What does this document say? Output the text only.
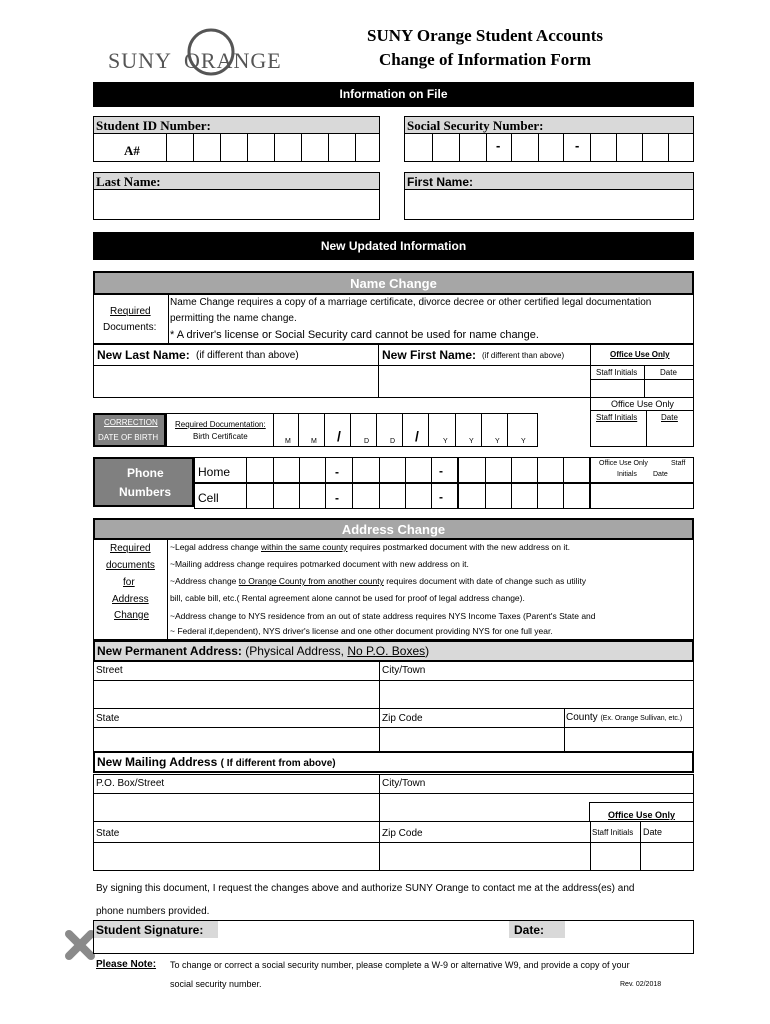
SUNY ORANGE
SUNY Orange Student Accounts
Change of Information Form
Information on File
Student ID Number:
A#
Social Security Number:
-	-
Last Name:	First Name:
New Updated Information
Name Change
Required
Documents:
Name Change requires a copy of a marriage certificate, divorce decree or other certified legal documentation
permitting the name change.
* A driver's license or Social Security card cannot be used for name change.
New Last Name: (if different than above)	New First Name: (if different than above)	Office Use Only
Staff Initials	Date
Office Use Only
Staff Initials	Date
CORRECTION
DATE OF BIRTH
Required Documentation:
Birth Certificate
M	M /	D	D /	Y	Y	Y	Y
Phone
Numbers
Home	-	-
Cell	-	-
Office Use Only	Staff
Initials Date
Address Change
Required
documents
for
Address
Change
~Legal address change within the same county requires postmarked document with the new address on it.
~Mailing address change requires potmarked document with new address on it.
~Address change to Orange County from another county requires document with date of change such as utility
bill, cable bill, etc.( Rental agreement alone cannot be used for proof of legal address change).
~Address change to NYS residence from an out of state address requires NYS Income Taxes (Parent's State and
~ Federal if,dependent), NYS driver's license and one other document providing NYS for one full year.
New Permanent Address: (Physical Address, No P.O. Boxes)
Street	City/Town
State	Zip Code	County (Ex. Orange Sullivan, etc.)
New Mailing Address ( If different from above)
P.O. Box/Street	City/Town
State	Zip Code
Office Use Only
Staff Initials Date
By signing this document, I request the changes above and authorize SUNY Orange to contact me at the address(es) and
phone numbers provided.
Student Signature:	Date:
Please Note: To change or correct a social security number, please complete a W-9 or alternative W9, and provide a copy of your
social security number.	Rev. 02/2018
